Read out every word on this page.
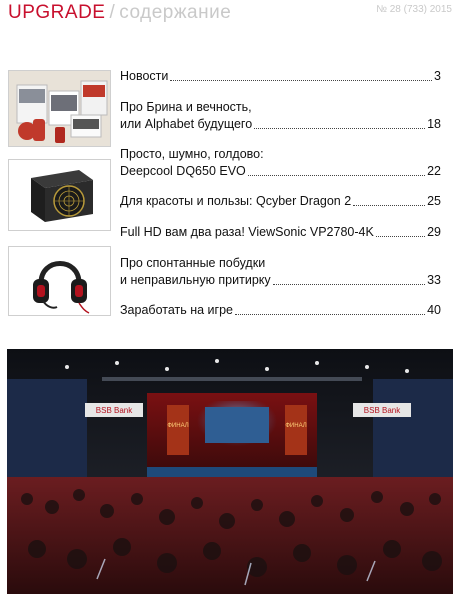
UPGRADE / содержание	№ 28 (733) 2015
Новости	3
Про Брина и вечность,
или Alphabet будущего	18
Просто, шумно, голдово:
Deepcool DQ650 EVO	22
Для красоты и пользы: Qcyber Dragon 2	25
Full HD вам два раза! ViewSonic VP2780-4K	29
Про спонтанные побудки
и неправильную притирку	33
Заработать на игре	40
BSB Bank	BSB Bank
ФИНАЛ	ФИНАЛ
